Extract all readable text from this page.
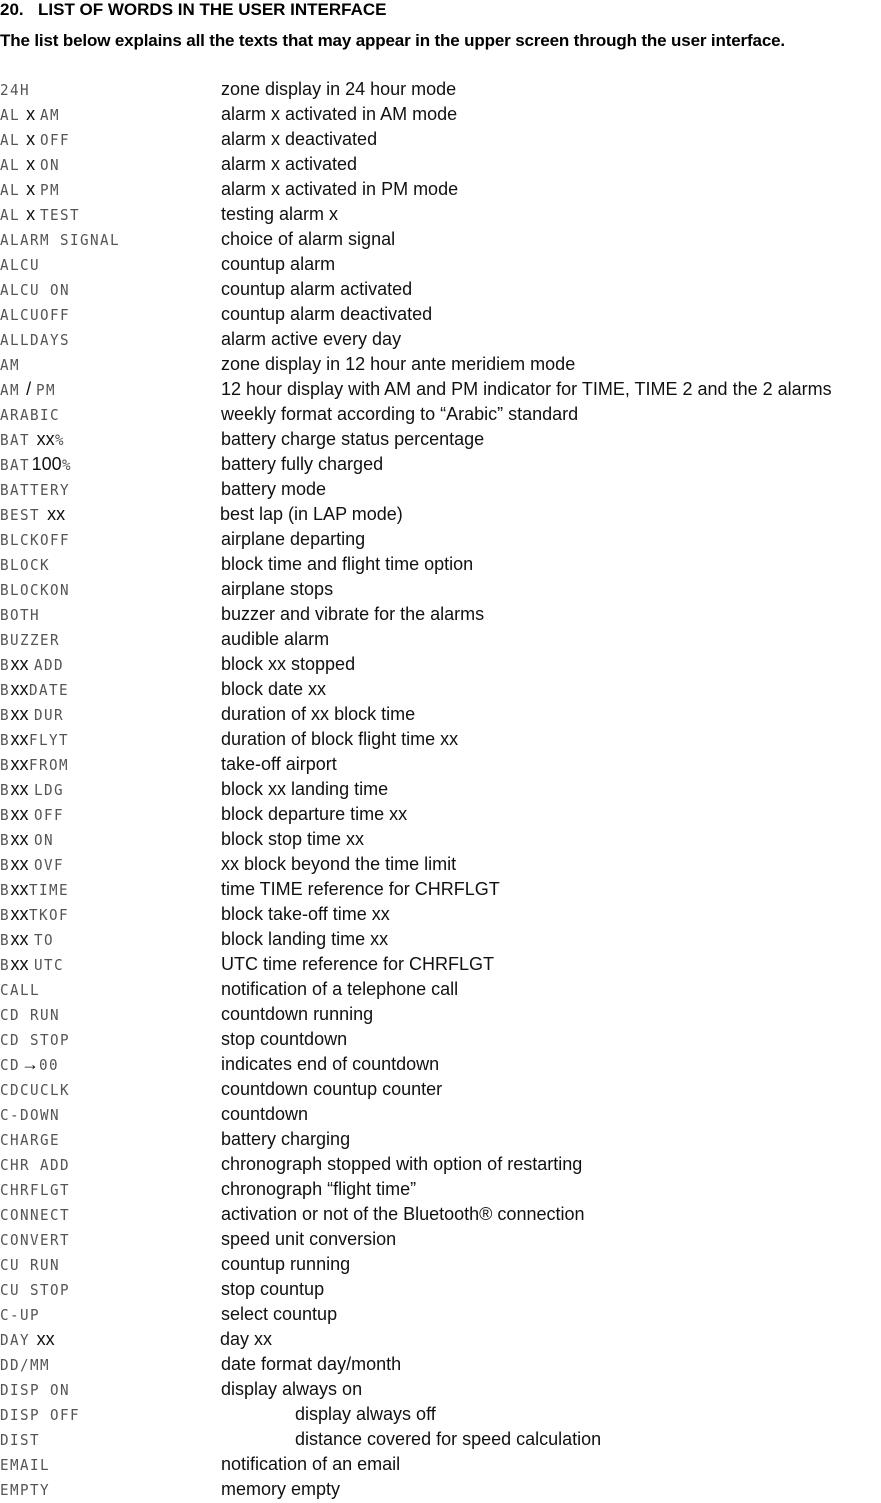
20. LIST OF WORDS IN THE USER INTERFACE
The list below explains all the texts that may appear in the upper screen through the user interface.
24H	zone display in 24 hour mode
AL x AM	alarm x activated in AM mode
AL x OFF	alarm x deactivated
AL x ON	alarm x activated
AL x PM	alarm x activated in PM mode
AL x TEST	testing alarm x
ALARM SIGNAL	choice of alarm signal
ALCU	countup alarm
ALCU ON	countup alarm activated
ALCUOFF	countup alarm deactivated
ALLDAYS	alarm active every day
AM	zone display in 12 hour ante meridiem mode
AM / PM	12 hour display with AM and PM indicator for TIME, TIME 2 and the 2 alarms
ARABIC	weekly format according to “Arabic” standard
BAT xx%	battery charge status percentage
BAT100%	battery fully charged
BATTERY	battery mode
BEST xx	best lap (in LAP mode)
BLCKOFF	airplane departing
BLOCK	block time and flight time option
BLOCKON	airplane stops
BOTH	buzzer and vibrate for the alarms
BUZZER	audible alarm
Bxx ADD	block xx stopped
BxxDATE	block date xx
Bxx DUR	duration of xx block time
BxxFLYT	duration of block flight time xx
BxxFROM	take-off airport
Bxx LDG	block xx landing time
Bxx OFF	block departure time xx
Bxx ON	block stop time xx
Bxx OVF	xx block beyond the time limit
BxxTIME	time TIME reference for CHRFLGT
BxxTKOF	block take-off time xx
Bxx TO	block landing time xx
Bxx UTC	UTC time reference for CHRFLGT
CALL	notification of a telephone call
CD RUN	countdown running
CD STOP	stop countdown
CD→00	indicates end of countdown
CDCUCLK	countdown countup counter
C-DOWN	countdown
CHARGE	battery charging
CHR ADD	chronograph stopped with option of restarting
CHRFLGT	chronograph “flight time”
CONNECT	activation or not of the Bluetooth® connection
CONVERT	speed unit conversion
CU RUN	countup running
CU STOP	stop countup
C-UP	select countup
DAY xx	day xx
DD/MM	date format day/month
DISP ON	display always on
DISP OFF	display always off
DIST	distance covered for speed calculation
EMAIL	notification of an email
EMPTY	memory empty
